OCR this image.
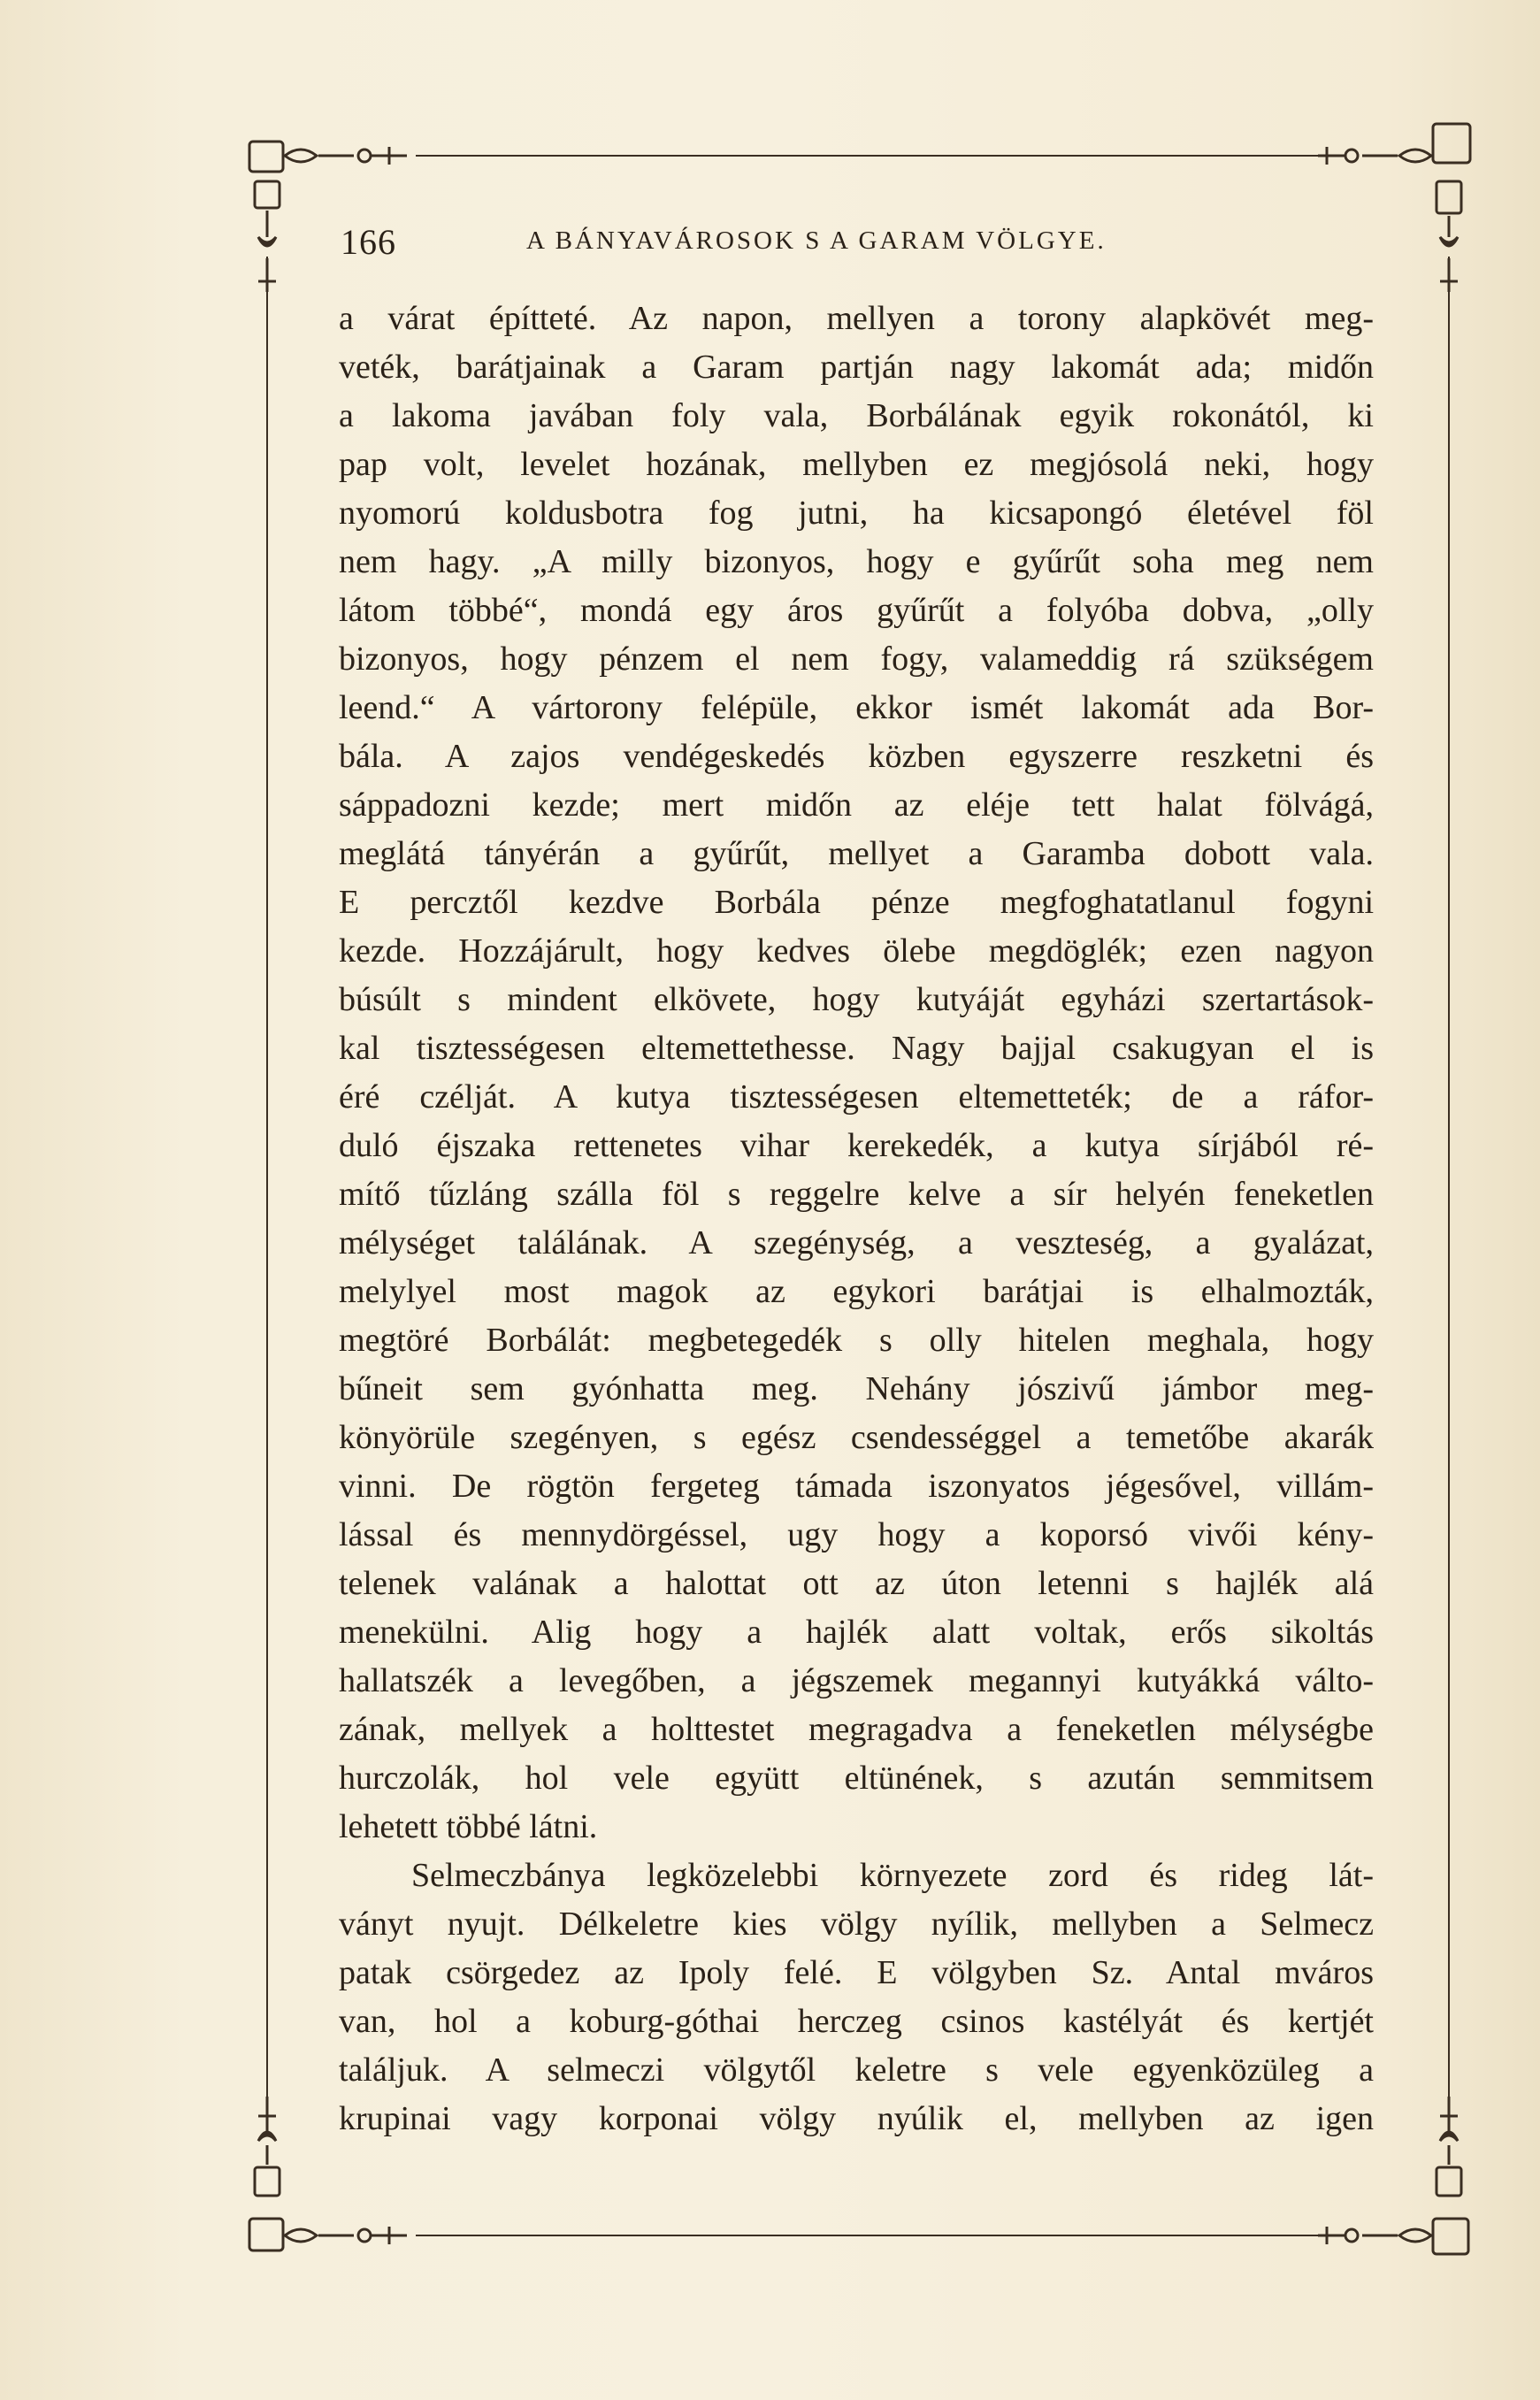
166	A BÁNYAVÁROSOK S A GARAM VÖLGYE.
a várat építteté. Az napon, mellyen a torony alapkövét meg-
veték, barátjainak a Garam partján nagy lakomát ada; midőn
a lakoma javában foly vala, Borbálának egyik rokonától, ki
pap volt, levelet hozának, mellyben ez megjósolá neki, hogy
nyomorú koldusbotra fog jutni, ha kicsapongó életével föl
nem hagy. „A milly bizonyos, hogy e gyűrűt soha meg nem
látom többé“, mondá egy áros gyűrűt a folyóba dobva, „olly
bizonyos, hogy pénzem el nem fogy, valameddig rá szükségem
leend.“ A vártorony felépüle, ekkor ismét lakomát ada Bor-
bála. A zajos vendégeskedés közben egyszerre reszketni és
sáppadozni kezde; mert midőn az eléje tett halat fölvágá,
meglátá tányérán a gyűrűt, mellyet a Garamba dobott vala.
E percztől kezdve Borbála pénze megfoghatatlanul fogyni
kezde. Hozzájárult, hogy kedves ölebe megdöglék; ezen nagyon
búsúlt s mindent elkövete, hogy kutyáját egyházi szertartások-
kal tisztességesen eltemettethesse. Nagy bajjal csakugyan el is
éré czélját. A kutya tisztességesen eltemetteték; de a ráfor-
duló éjszaka rettenetes vihar kerekedék, a kutya sírjából ré-
mítő tűzláng szálla föl s reggelre kelve a sír helyén feneketlen
mélységet találának. A szegénység, a veszteség, a gyalázat,
melylyel most magok az egykori barátjai is elhalmozták,
megtöré Borbálát: megbetegedék s olly hitelen meghala, hogy
bűneit sem gyónhatta meg. Nehány jószivű jámbor meg-
könyörüle szegényen, s egész csendességgel a temetőbe akarák
vinni. De rögtön fergeteg támada iszonyatos jégesővel, villám-
lással és mennydörgéssel, ugy hogy a koporsó vivői kény-
telenek valának a halottat ott az úton letenni s hajlék alá
menekülni. Alig hogy a hajlék alatt voltak, erős sikoltás
hallatszék a levegőben, a jégszemek megannyi kutyákká válto-
zának, mellyek a holttestet megragadva a feneketlen mélységbe
hurczolák, hol vele együtt eltünének, s azután semmitsem
lehetett többé látni.
Selmeczbánya legközelebbi környezete zord és rideg lát-
ványt nyujt. Délkeletre kies völgy nyílik, mellyben a Selmecz
patak csörgedez az Ipoly felé. E völgyben Sz. Antal mváros
van, hol a koburg-góthai herczeg csinos kastélyát és kertjét
találjuk. A selmeczi völgytől keletre s vele egyenközüleg a
krupinai vagy korponai völgy nyúlik el, mellyben az igen
